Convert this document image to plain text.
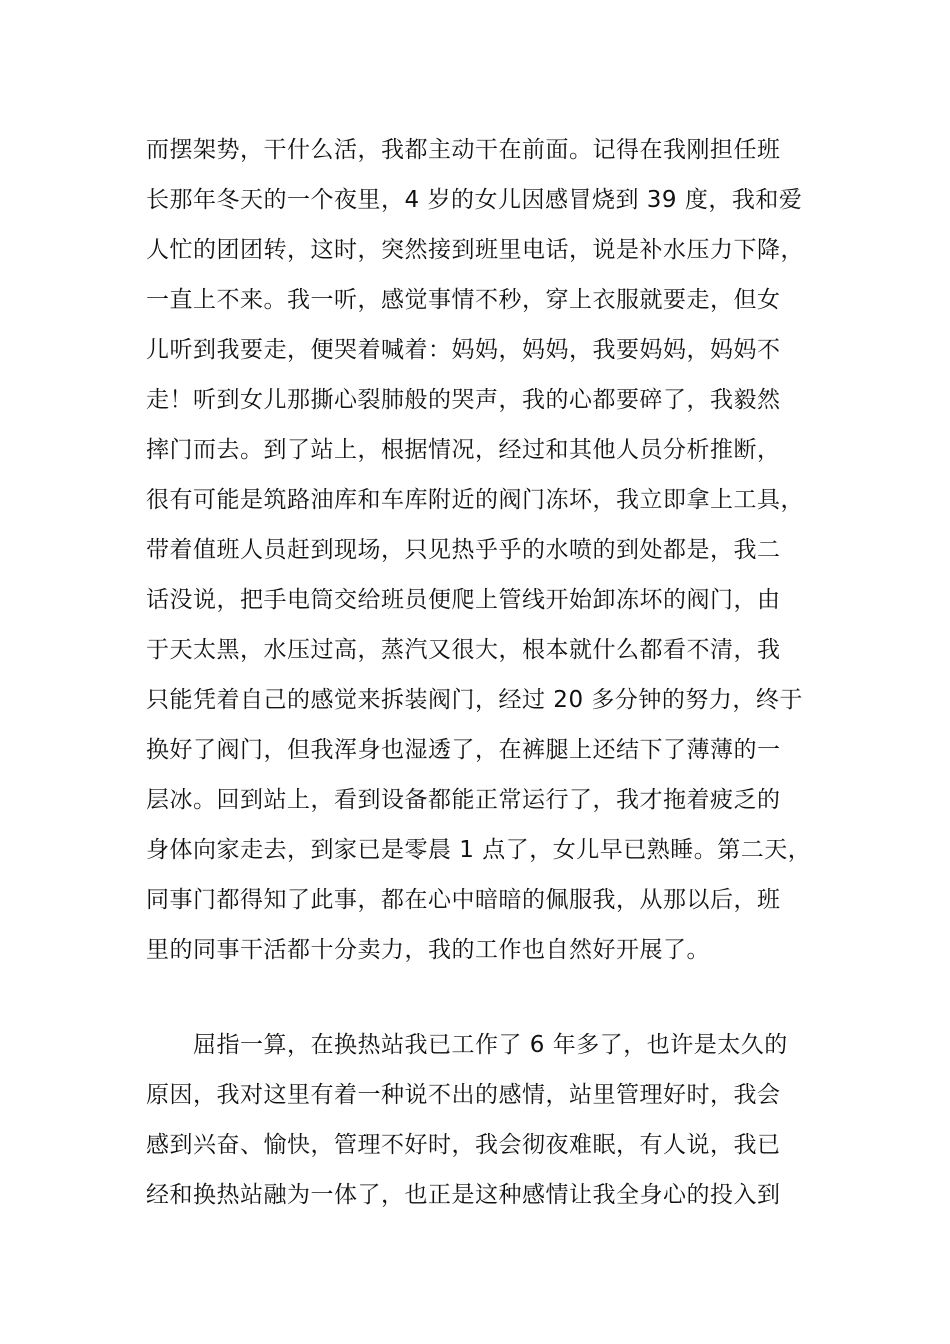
而摆架势，干什么活，我都主动干在前面。记得在我刚担任班
长那年冬天的一个夜里，4 岁的女儿因感冒烧到 39 度，我和爱
人忙的团团转，这时，突然接到班里电话，说是补水压力下降，
一直上不来。我一听，感觉事情不秒，穿上衣服就要走，但女
儿听到我要走，便哭着喊着：妈妈，妈妈，我要妈妈，妈妈不
走！听到女儿那撕心裂肺般的哭声，我的心都要碎了，我毅然
摔门而去。到了站上，根据情况，经过和其他人员分析推断，
很有可能是筑路油库和车库附近的阀门冻坏，我立即拿上工具，
带着值班人员赶到现场，只见热乎乎的水喷的到处都是，我二
话没说，把手电筒交给班员便爬上管线开始卸冻坏的阀门，由
于天太黑，水压过高，蒸汽又很大，根本就什么都看不清，我
只能凭着自己的感觉来拆装阀门，经过 20 多分钟的努力，终于
换好了阀门，但我浑身也湿透了，在裤腿上还结下了薄薄的一
层冰。回到站上，看到设备都能正常运行了，我才拖着疲乏的
身体向家走去，到家已是零晨 1 点了，女儿早已熟睡。第二天，
同事门都得知了此事，都在心中暗暗的佩服我，从那以后，班
里的同事干活都十分卖力，我的工作也自然好开展了。
　　屈指一算，在换热站我已工作了 6 年多了，也许是太久的
原因，我对这里有着一种说不出的感情，站里管理好时，我会
感到兴奋、愉快，管理不好时，我会彻夜难眠，有人说，我已
经和换热站融为一体了，也正是这种感情让我全身心的投入到
